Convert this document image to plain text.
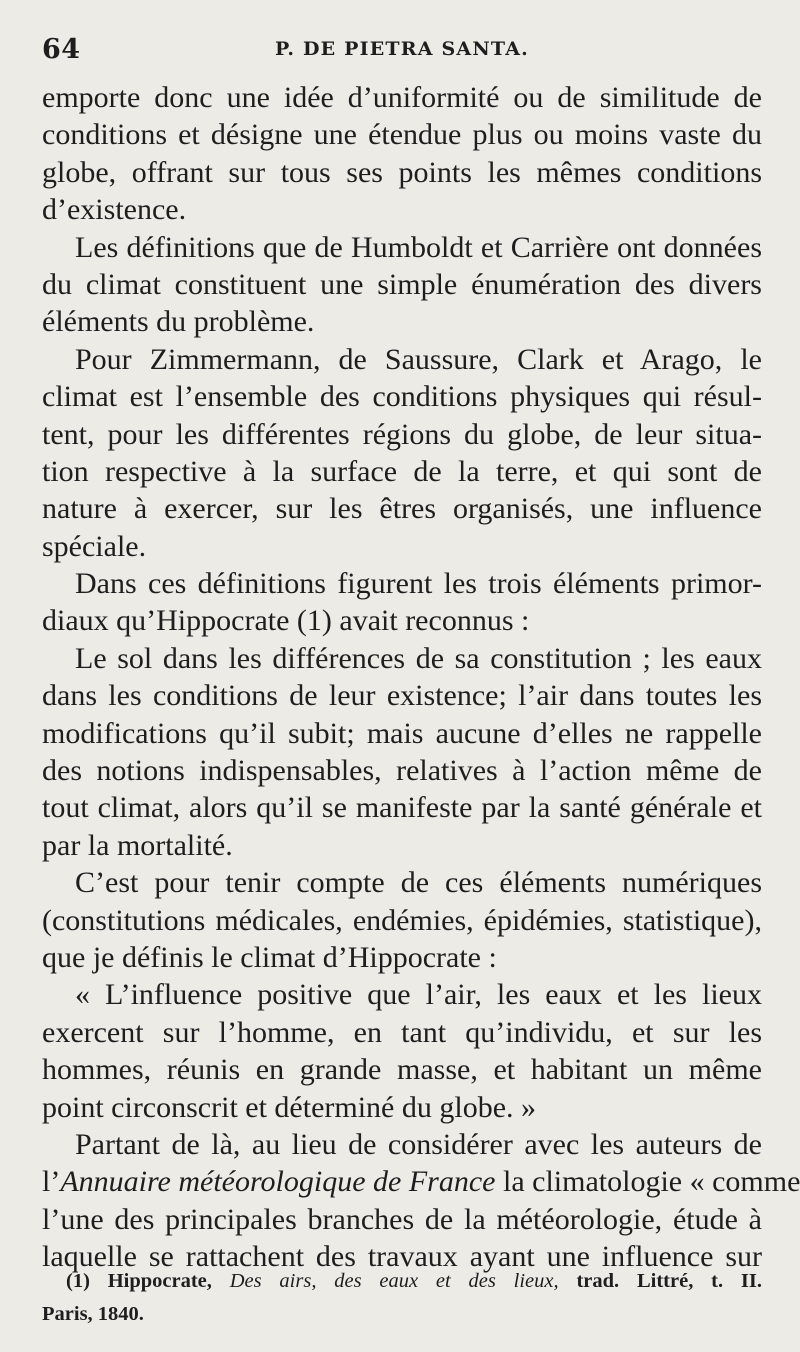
64	P. DE PIETRA SANTA.
emporte donc une idée d’uniformité ou de similitude de
conditions et désigne une étendue plus ou moins vaste du
globe, offrant sur tous ses points les mêmes conditions
d’existence.
Les définitions que de Humboldt et Carrière ont données
du climat constituent une simple énumération des divers
éléments du problème.
Pour Zimmermann, de Saussure, Clark et Arago, le
climat est l’ensemble des conditions physiques qui résul-
tent, pour les différentes régions du globe, de leur situa-
tion respective à la surface de la terre, et qui sont de
nature à exercer, sur les êtres organisés, une influence
spéciale.
Dans ces définitions figurent les trois éléments primor-
diaux qu’Hippocrate (1) avait reconnus :
Le sol dans les différences de sa constitution ; les eaux
dans les conditions de leur existence; l’air dans toutes les
modifications qu’il subit; mais aucune d’elles ne rappelle
des notions indispensables, relatives à l’action même de
tout climat, alors qu’il se manifeste par la santé générale et
par la mortalité.
C’est pour tenir compte de ces éléments numériques
(constitutions médicales, endémies, épidémies, statistique),
que je définis le climat d’Hippocrate :
« L’influence positive que l’air, les eaux et les lieux
exercent sur l’homme, en tant qu’individu, et sur les
hommes, réunis en grande masse, et habitant un même
point circonscrit et déterminé du globe. »
Partant de là, au lieu de considérer avec les auteurs de
l’Annuaire météorologique de France la climatologie « comme
l’une des principales branches de la météorologie, étude à
laquelle se rattachent des travaux ayant une influence sur
(1) Hippocrate, Des airs, des eaux et des lieux, trad. Littré, t. II.
Paris, 1840.
